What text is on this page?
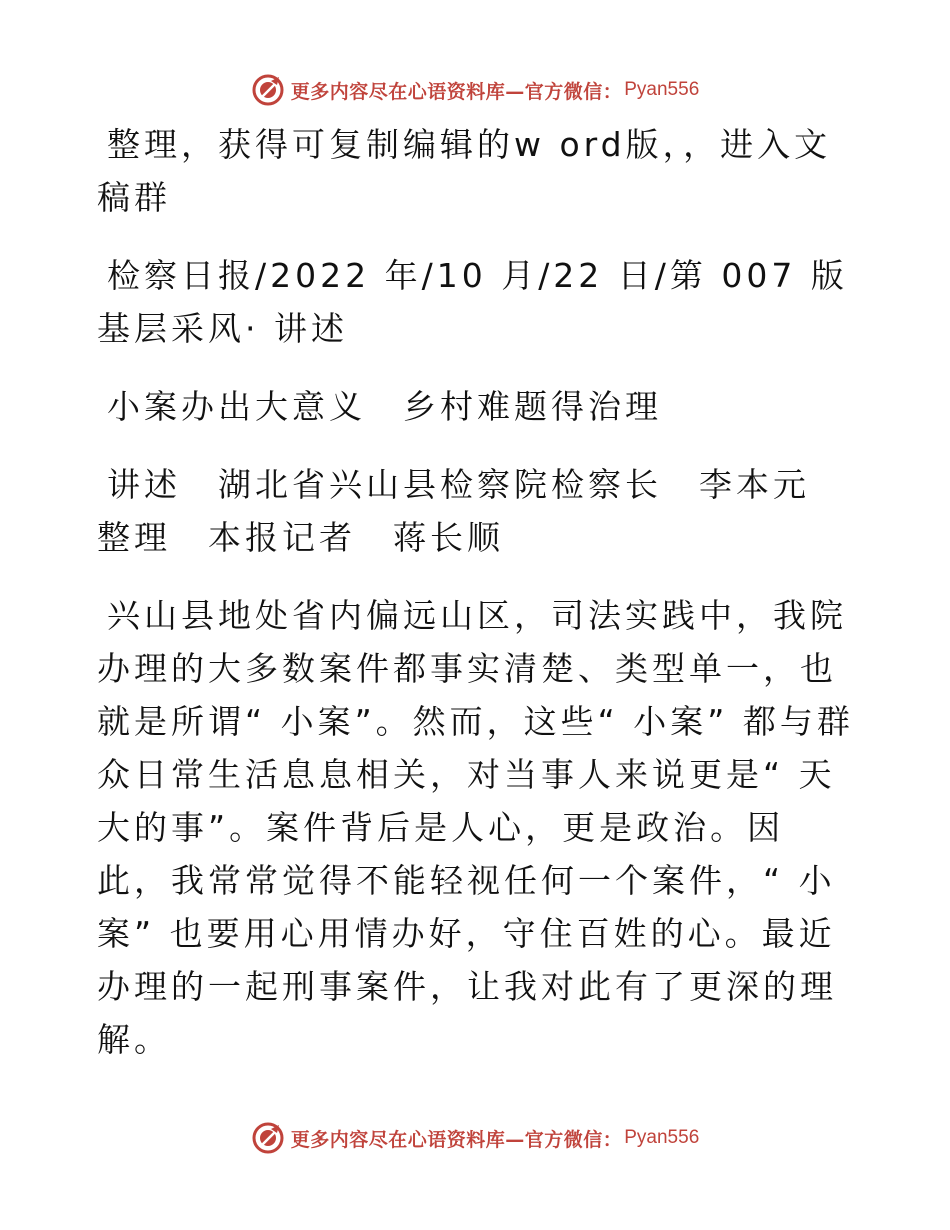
更多内容尽在心语资料库—官方微信： Pyan556

整理，获得可复制编辑的w ord版，，进入文稿群

检察日报/2022 年/10 月/22 日/第 007 版基层采风· 讲述

小案办出大意义　乡村难题得治理

讲述　湖北省兴山县检察院检察长　李本元　整理　本报记者　蒋长顺

兴山县地处省内偏远山区，司法实践中，我院办理的大多数案件都事实清楚、类型单一，也就是所谓“ 小案”。然而，这些“ 小案” 都与群众日常生活息息相关，对当事人来说更是“ 天大的事”。案件背后是人心，更是政治。因此，我常常觉得不能轻视任何一个案件，“ 小案” 也要用心用情办好，守住百姓的心。最近办理的一起刑事案件，让我对此有了更深的理解。

更多内容尽在心语资料库—官方微信： Pyan556
